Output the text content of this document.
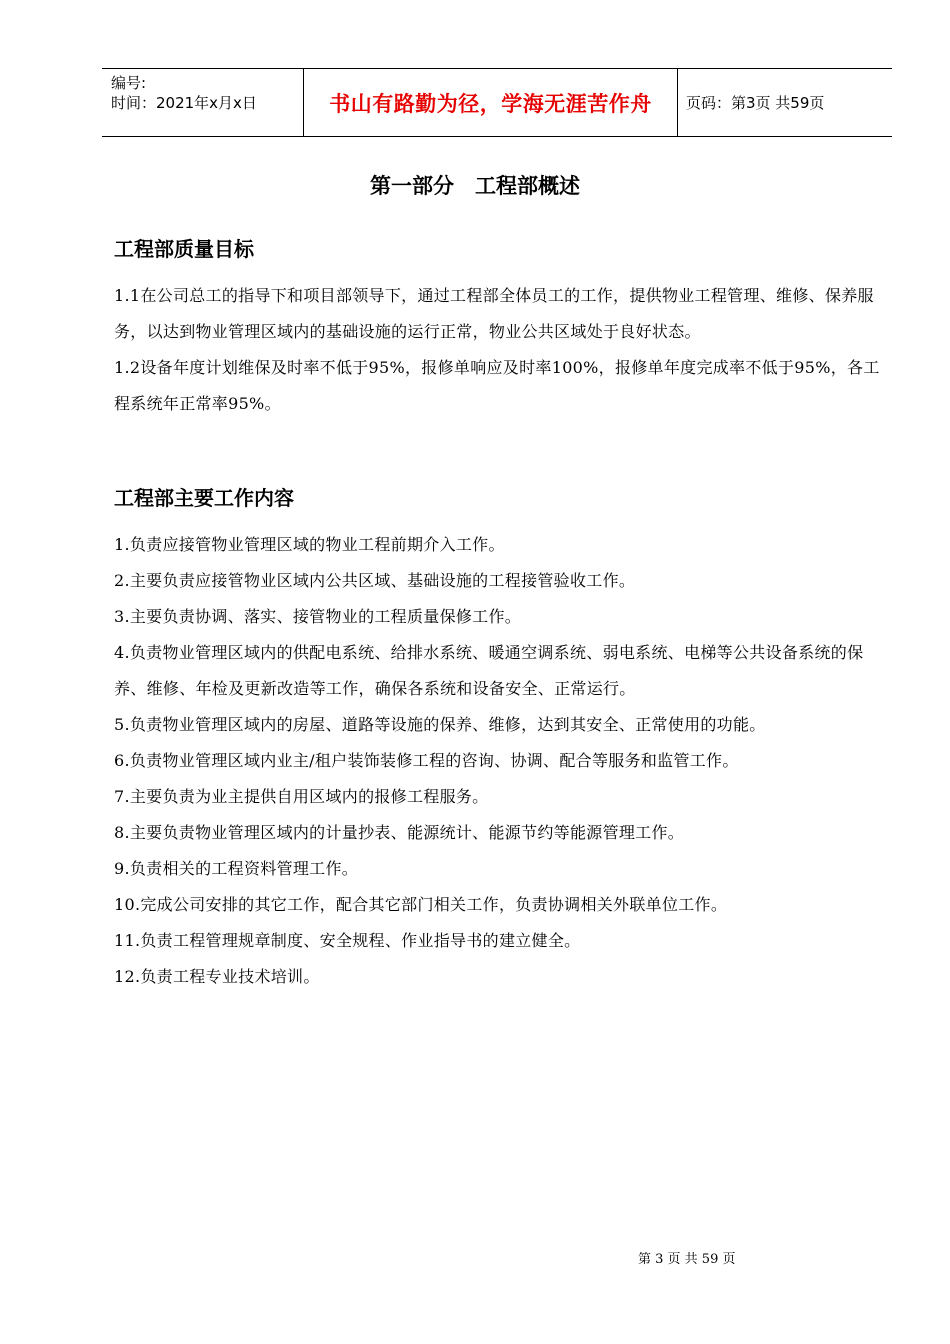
编号:
时间：2021年x月x日	书山有路勤为径，学海无涯苦作舟	页码：第3页 共59页
第一部分　工程部概述
工程部质量目标

1.1在公司总工的指导下和项目部领导下，通过工程部全体员工的工作，提供物业工程管理、维修、保养服务，以达到物业管理区域内的基础设施的运行正常，物业公共区域处于良好状态。

1.2设备年度计划维保及时率不低于95%，报修单响应及时率100%，报修单年度完成率不低于95%，各工程系统年正常率95%。

工程部主要工作内容

1.负责应接管物业管理区域的物业工程前期介入工作。

2.主要负责应接管物业区域内公共区域、基础设施的工程接管验收工作。

3.主要负责协调、落实、接管物业的工程质量保修工作。

4.负责物业管理区域内的供配电系统、给排水系统、暖通空调系统、弱电系统、电梯等公共设备系统的保养、维修、年检及更新改造等工作，确保各系统和设备安全、正常运行。

5.负责物业管理区域内的房屋、道路等设施的保养、维修，达到其安全、正常使用的功能。

6.负责物业管理区域内业主/租户装饰装修工程的咨询、协调、配合等服务和监管工作。

7.主要负责为业主提供自用区域内的报修工程服务。

8.主要负责物业管理区域内的计量抄表、能源统计、能源节约等能源管理工作。

9.负责相关的工程资料管理工作。

10.完成公司安排的其它工作，配合其它部门相关工作，负责协调相关外联单位工作。

11.负责工程管理规章制度、安全规程、作业指导书的建立健全。

12.负责工程专业技术培训。

第 3 页 共 59 页
